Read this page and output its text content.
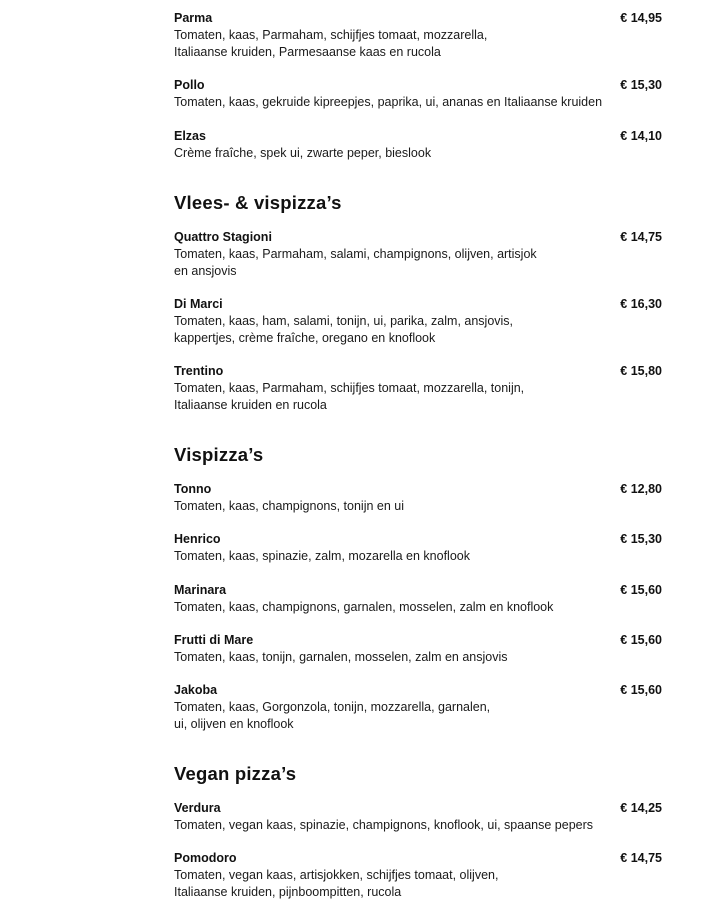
Parma	€ 14,95
Tomaten, kaas, Parmaham, schijfjes tomaat, mozzarella,
Italiaanse kruiden, Parmesaanse kaas en rucola
Pollo	€ 15,30
Tomaten, kaas, gekruide kipreepjes, paprika, ui, ananas en Italiaanse kruiden
Elzas	€ 14,10
Crème fraîche, spek ui, zwarte peper, bieslook
Vlees- & vispizza’s
Quattro Stagioni	€ 14,75
Tomaten, kaas, Parmaham, salami, champignons, olijven, artisjok
en ansjovis
Di Marci	€ 16,30
Tomaten, kaas, ham, salami, tonijn, ui, parika, zalm, ansjovis,
kappertjes, crème fraîche, oregano en knoflook
Trentino	€ 15,80
Tomaten, kaas, Parmaham, schijfjes tomaat, mozzarella, tonijn,
Italiaanse kruiden en rucola
Vispizza’s
Tonno	€ 12,80
Tomaten, kaas, champignons, tonijn en ui
Henrico	€ 15,30
Tomaten, kaas, spinazie, zalm, mozarella en knoflook
Marinara	€ 15,60
Tomaten, kaas, champignons, garnalen, mosselen, zalm en knoflook
Frutti di Mare	€ 15,60
Tomaten, kaas, tonijn, garnalen, mosselen, zalm en ansjovis
Jakoba	€ 15,60
Tomaten, kaas, Gorgonzola, tonijn, mozzarella, garnalen,
ui, olijven en knoflook
Vegan pizza’s
Verdura	€ 14,25
Tomaten, vegan kaas, spinazie, champignons, knoflook, ui, spaanse pepers
Pomodoro	€ 14,75
Tomaten, vegan kaas, artisjokken, schijfjes tomaat, olijven,
Italiaanse kruiden, pijnboompitten, rucola
